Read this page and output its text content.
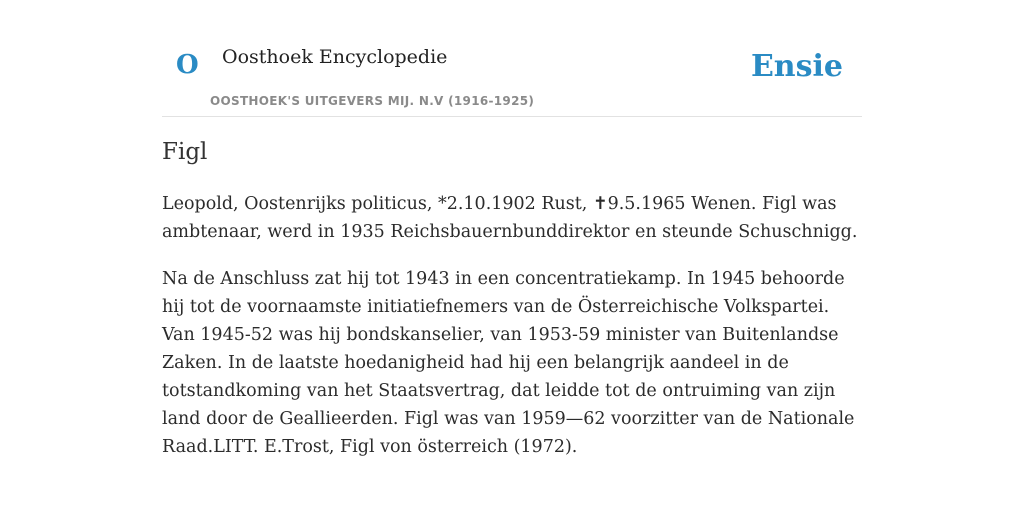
O Oosthoek Encyclopedie
OOSTHOEK'S UITGEVERS MIJ. N.V (1916-1925)
Ensie
Figl

Leopold, Oostenrijks politicus, *2.10.1902 Rust, ✝9.5.1965 Wenen. Figl was ambtenaar, werd in 1935 Reichsbauernbunddirektor en steunde Schuschnigg.

Na de Anschluss zat hij tot 1943 in een concentratiekamp. In 1945 behoorde hij tot de voornaamste initiatiefnemers van de Österreichische Volkspartei. Van 1945-52 was hij bondskanselier, van 1953-59 minister van Buitenlandse Zaken. In de laatste hoedanigheid had hij een belangrijk aandeel in de totstandkoming van het Staatsvertrag, dat leidde tot de ontruiming van zijn land door de Geallieerden. Figl was van 1959—62 voorzitter van de Nationale Raad.LITT. E.Trost, Figl von österreich (1972).
